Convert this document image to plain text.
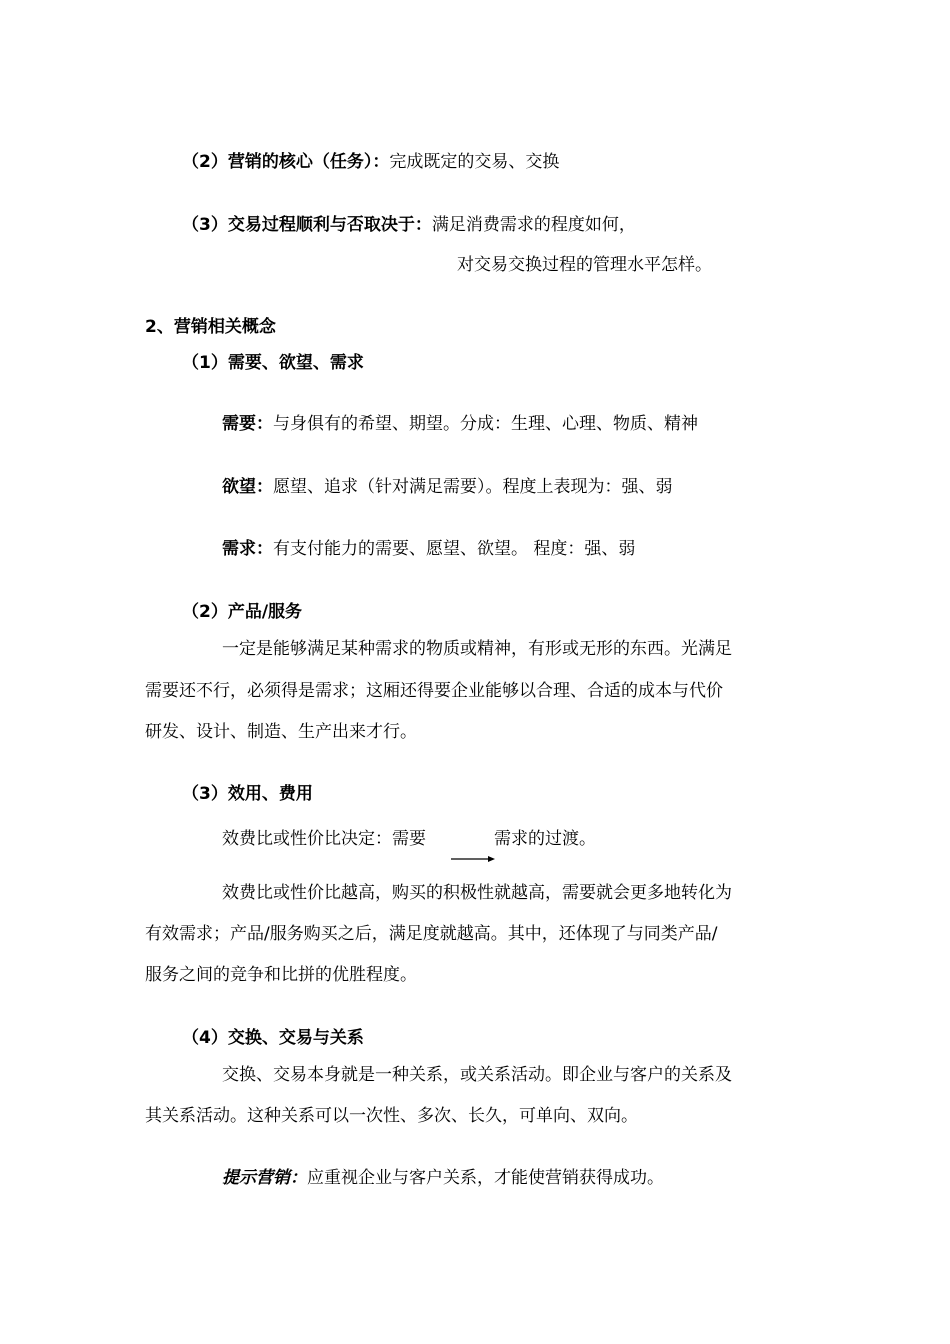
（2）营销的核心（任务）：完成既定的交易、交换
（3）交易过程顺利与否取决于：满足消费需求的程度如何，
对交易交换过程的管理水平怎样。
2、营销相关概念
（1）需要、欲望、需求
需要：与身俱有的希望、期望。分成：生理、心理、物质、精神
欲望：愿望、追求（针对满足需要）。程度上表现为：强、弱
需求：有支付能力的需要、愿望、欲望。 程度：强、弱
（2）产品/服务
一定是能够满足某种需求的物质或精神，有形或无形的东西。光满足
需要还不行，必须得是需求；这厢还得要企业能够以合理、合适的成本与代价
研发、设计、制造、生产出来才行。
（3）效用、费用
效费比或性价比决定：需要	需求的过渡。
效费比或性价比越高，购买的积极性就越高，需要就会更多地转化为
有效需求；产品/服务购买之后，满足度就越高。其中，还体现了与同类产品/
服务之间的竞争和比拼的优胜程度。
（4）交换、交易与关系
交换、交易本身就是一种关系，或关系活动。即企业与客户的关系及
其关系活动。这种关系可以一次性、多次、长久，可单向、双向。
提示营销：应重视企业与客户关系，才能使营销获得成功。
